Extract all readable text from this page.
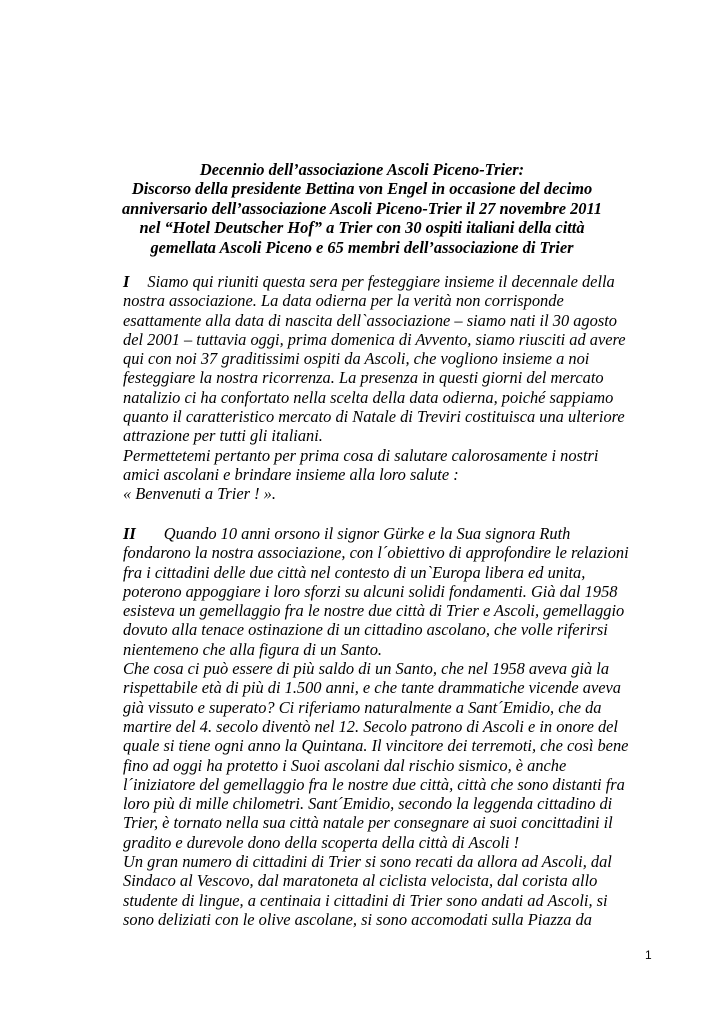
Decennio dell’associazione Ascoli Piceno-Trier:
Discorso della presidente Bettina von Engel in occasione del decimo
anniversario dell’associazione Ascoli Piceno-Trier il 27 novembre 2011
nel “Hotel Deutscher Hof” a Trier con 30 ospiti italiani della città
gemellata Ascoli Piceno e 65 membri dell’associazione di Trier

I Siamo qui riuniti questa sera per festeggiare insieme il decennale della

nostra associazione. La data odierna per la verità non corrisponde

esattamente alla data di nascita dell`associazione – siamo nati il 30 agosto

del 2001 – tuttavia oggi, prima domenica di Avvento, siamo riusciti ad avere

qui con noi 37 graditissimi ospiti da Ascoli, che vogliono insieme a noi

festeggiare la nostra ricorrenza. La presenza in questi giorni del mercato

natalizio ci ha confortato nella scelta della data odierna, poiché sappiamo

quanto il caratteristico mercato di Natale di Treviri costituisca una ulteriore

attrazione per tutti gli italiani.

Permettetemi pertanto per prima cosa di salutare calorosamente i nostri

amici ascolani e brindare insieme alla loro salute :

« Benvenuti a Trier ! ».

II Quando 10 anni orsono il signor Gürke e la Sua signora Ruth

fondarono la nostra associazione, con l´obiettivo di approfondire le relazioni

fra i cittadini delle due città nel contesto di un`Europa libera ed unita,

poterono appoggiare i loro sforzi su alcuni solidi fondamenti. Già dal 1958

esisteva un gemellaggio fra le nostre due città di Trier e Ascoli, gemellaggio

dovuto alla tenace ostinazione di un cittadino ascolano, che volle riferirsi

nientemeno che alla figura di un Santo.

Che cosa ci può essere di più saldo di un Santo, che nel 1958 aveva già la

rispettabile età di più di 1.500 anni, e che tante drammatiche vicende aveva

già vissuto e superato? Ci riferiamo naturalmente a Sant´Emidio, che da

martire del 4. secolo diventò nel 12. Secolo patrono di Ascoli e in onore del

quale si tiene ogni anno la Quintana. Il vincitore dei terremoti, che così bene

fino ad oggi ha protetto i Suoi ascolani dal rischio sismico, è anche

l´iniziatore del gemellaggio fra le nostre due città, città che sono distanti fra

loro più di mille chilometri. Sant´Emidio, secondo la leggenda cittadino di

Trier, è tornato nella sua città natale per consegnare ai suoi concittadini il

gradito e durevole dono della scoperta della città di Ascoli !

Un gran numero di cittadini di Trier si sono recati da allora ad Ascoli, dal

Sindaco al Vescovo, dal maratoneta al ciclista velocista, dal corista allo

studente di lingue, a centinaia i cittadini di Trier sono andati ad Ascoli, si

sono deliziati con le olive ascolane, si sono accomodati sulla Piazza da

1
